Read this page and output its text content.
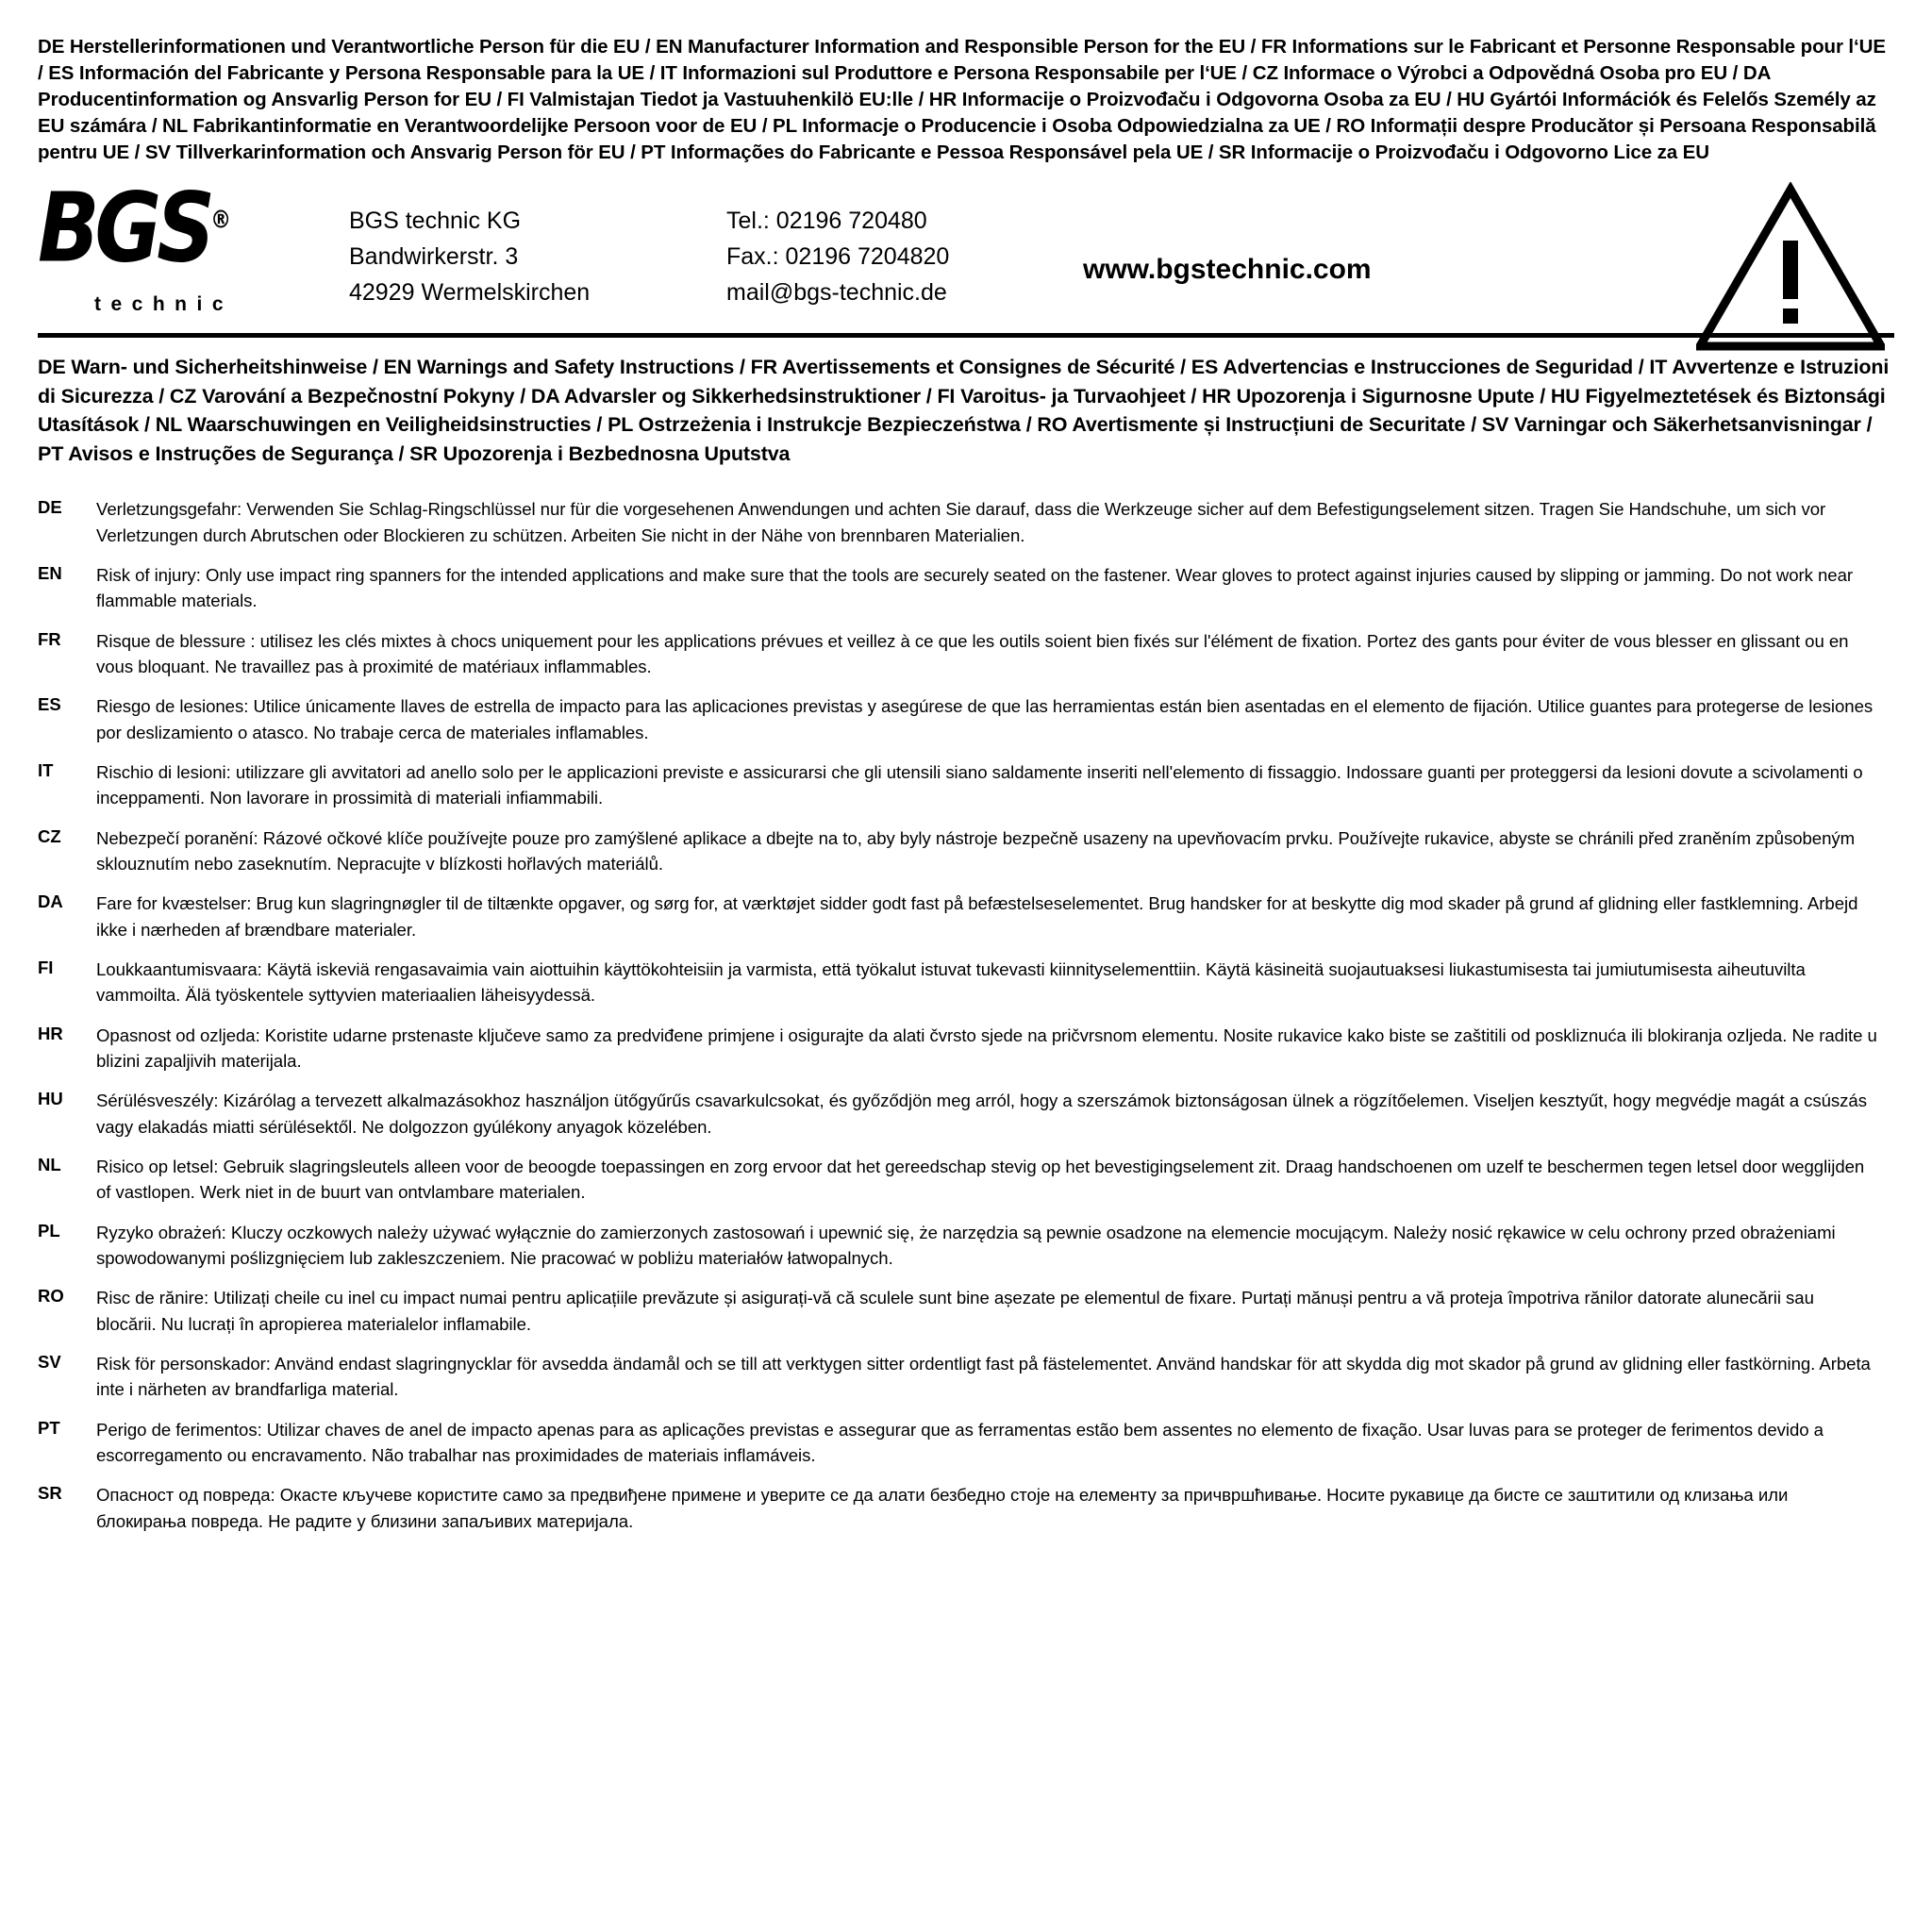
DE Herstellerinformationen und Verantwortliche Person für die EU / EN Manufacturer Information and Responsible Person for the EU / FR Informations sur le Fabricant et Personne Responsable pour l‘UE / ES Información del Fabricante y Persona Responsable para la UE / IT Informazioni sul Produttore e Persona Responsabile per l‘UE / CZ Informace o Výrobci a Odpovědná Osoba pro EU / DA Producentinformation og Ansvarlig Person for EU / FI Valmistajan Tiedot ja Vastuuhenkilö EU:lle / HR Informacije o Proizvođaču i Odgovorna Osoba za EU / HU Gyártói Információk és Felelős Személy az EU számára / NL Fabrikantinformatie en Verantwoordelijke Persoon voor de EU / PL Informacje o Producencie i Osoba Odpowiedzialna za UE / RO Informații despre Producător și Persoana Responsabilă pentru UE / SV Tillverkarinformation och Ansvarig Person för EU / PT Informações do Fabricante e Pessoa Responsável pela UE / SR Informacije o Proizvođaču i Odgovorno Lice za EU
BGS®
technic
BGS technic KG
Bandwirkerstr. 3
42929 Wermelskirchen
Tel.: 02196 720480
Fax.: 02196 7204820
mail@bgs-technic.de
www.bgstechnic.com
DE Warn- und Sicherheitshinweise / EN Warnings and Safety Instructions / FR Avertissements et Consignes de Sécurité / ES Advertencias e Instrucciones de Seguridad / IT Avvertenze e Istruzioni di Sicurezza / CZ Varování a Bezpečnostní Pokyny / DA Advarsler og Sikkerhedsinstruktioner / FI Varoitus- ja Turvaohjeet / HR Upozorenja i Sigurnosne Upute / HU Figyelmeztetések és Biztonsági Utasítások / NL Waarschuwingen en Veiligheidsinstructies / PL Ostrzeżenia i Instrukcje Bezpieczeństwa / RO Avertismente și Instrucțiuni de Securitate / SV Varningar och Säkerhetsanvisningar / PT Avisos e Instruções de Segurança / SR Upozorenja i Bezbednosna Uputstva
DE	Verletzungsgefahr: Verwenden Sie Schlag-Ringschlüssel nur für die vorgesehenen Anwendungen und achten Sie darauf, dass die Werkzeuge sicher auf dem Befestigungselement sitzen. Tragen Sie Handschuhe, um sich vor Verletzungen durch Abrutschen oder Blockieren zu schützen. Arbeiten Sie nicht in der Nähe von brennbaren Materialien.
EN	Risk of injury: Only use impact ring spanners for the intended applications and make sure that the tools are securely seated on the fastener. Wear gloves to protect against injuries caused by slipping or jamming. Do not work near flammable materials.
FR	Risque de blessure : utilisez les clés mixtes à chocs uniquement pour les applications prévues et veillez à ce que les outils soient bien fixés sur l'élément de fixation. Portez des gants pour éviter de vous blesser en glissant ou en vous bloquant. Ne travaillez pas à proximité de matériaux inflammables.
ES	Riesgo de lesiones: Utilice únicamente llaves de estrella de impacto para las aplicaciones previstas y asegúrese de que las herramientas están bien asentadas en el elemento de fijación. Utilice guantes para protegerse de lesiones por deslizamiento o atasco. No trabaje cerca de materiales inflamables.
IT	Rischio di lesioni: utilizzare gli avvitatori ad anello solo per le applicazioni previste e assicurarsi che gli utensili siano saldamente inseriti nell'elemento di fissaggio. Indossare guanti per proteggersi da lesioni dovute a scivolamenti o inceppamenti. Non lavorare in prossimità di materiali infiammabili.
CZ	Nebezpečí poranění: Rázové očkové klíče používejte pouze pro zamýšlené aplikace a dbejte na to, aby byly nástroje bezpečně usazeny na upevňovacím prvku. Používejte rukavice, abyste se chránili před zraněním způsobeným sklouznutím nebo zaseknutím. Nepracujte v blízkosti hořlavých materiálů.
DA	Fare for kvæstelser: Brug kun slagringnøgler til de tiltænkte opgaver, og sørg for, at værktøjet sidder godt fast på befæstelseselementet. Brug handsker for at beskytte dig mod skader på grund af glidning eller fastklemning. Arbejd ikke i nærheden af brændbare materialer.
FI	Loukkaantumisvaara: Käytä iskeviä rengasavaimia vain aiottuihin käyttökohteisiin ja varmista, että työkalut istuvat tukevasti kiinnityselementtiin. Käytä käsineitä suojautuaksesi liukastumisesta tai jumiutumisesta aiheutuvilta vammoilta. Älä työskentele syttyvien materiaalien läheisyydessä.
HR	Opasnost od ozljeda: Koristite udarne prstenaste ključeve samo za predviđene primjene i osigurajte da alati čvrsto sjede na pričvrsnom elementu. Nosite rukavice kako biste se zaštitili od poskliznuća ili blokiranja ozljeda. Ne radite u blizini zapaljivih materijala.
HU	Sérülésveszély: Kizárólag a tervezett alkalmazásokhoz használjon ütőgyűrűs csavarkulcsokat, és győződjön meg arról, hogy a szerszámok biztonságosan ülnek a rögzítőelemen. Viseljen kesztyűt, hogy megvédje magát a csúszás vagy elakadás miatti sérülésektől. Ne dolgozzon gyúlékony anyagok közelében.
NL	Risico op letsel: Gebruik slagringsleutels alleen voor de beoogde toepassingen en zorg ervoor dat het gereedschap stevig op het bevestigingselement zit. Draag handschoenen om uzelf te beschermen tegen letsel door wegglijden of vastlopen. Werk niet in de buurt van ontvlambare materialen.
PL	Ryzyko obrażeń: Kluczy oczkowych należy używać wyłącznie do zamierzonych zastosowań i upewnić się, że narzędzia są pewnie osadzone na elemencie mocującym. Należy nosić rękawice w celu ochrony przed obrażeniami spowodowanymi poślizgnięciem lub zakleszczeniem. Nie pracować w pobliżu materiałów łatwopalnych.
RO	Risc de rănire: Utilizați cheile cu inel cu impact numai pentru aplicațiile prevăzute și asigurați-vă că sculele sunt bine așezate pe elementul de fixare. Purtați mănuși pentru a vă proteja împotriva rănilor datorate alunecării sau blocării. Nu lucrați în apropierea materialelor inflamabile.
SV	Risk för personskador: Använd endast slagringnycklar för avsedda ändamål och se till att verktygen sitter ordentligt fast på fästelementet. Använd handskar för att skydda dig mot skador på grund av glidning eller fastkörning. Arbeta inte i närheten av brandfarliga material.
PT	Perigo de ferimentos: Utilizar chaves de anel de impacto apenas para as aplicações previstas e assegurar que as ferramentas estão bem assentes no elemento de fixação. Usar luvas para se proteger de ferimentos devido a escorregamento ou encravamento. Não trabalhar nas proximidades de materiais inflamáveis.
SR	Опасност од повреда: Окасте кључеве користите само за предвиђене примене и уверите се да алати безбедно стоје на елементу за причвршћивање. Носите рукавице да бисте се заштитили од клизања или блокирања повреда. Не радите у близини запаљивих материјала.
